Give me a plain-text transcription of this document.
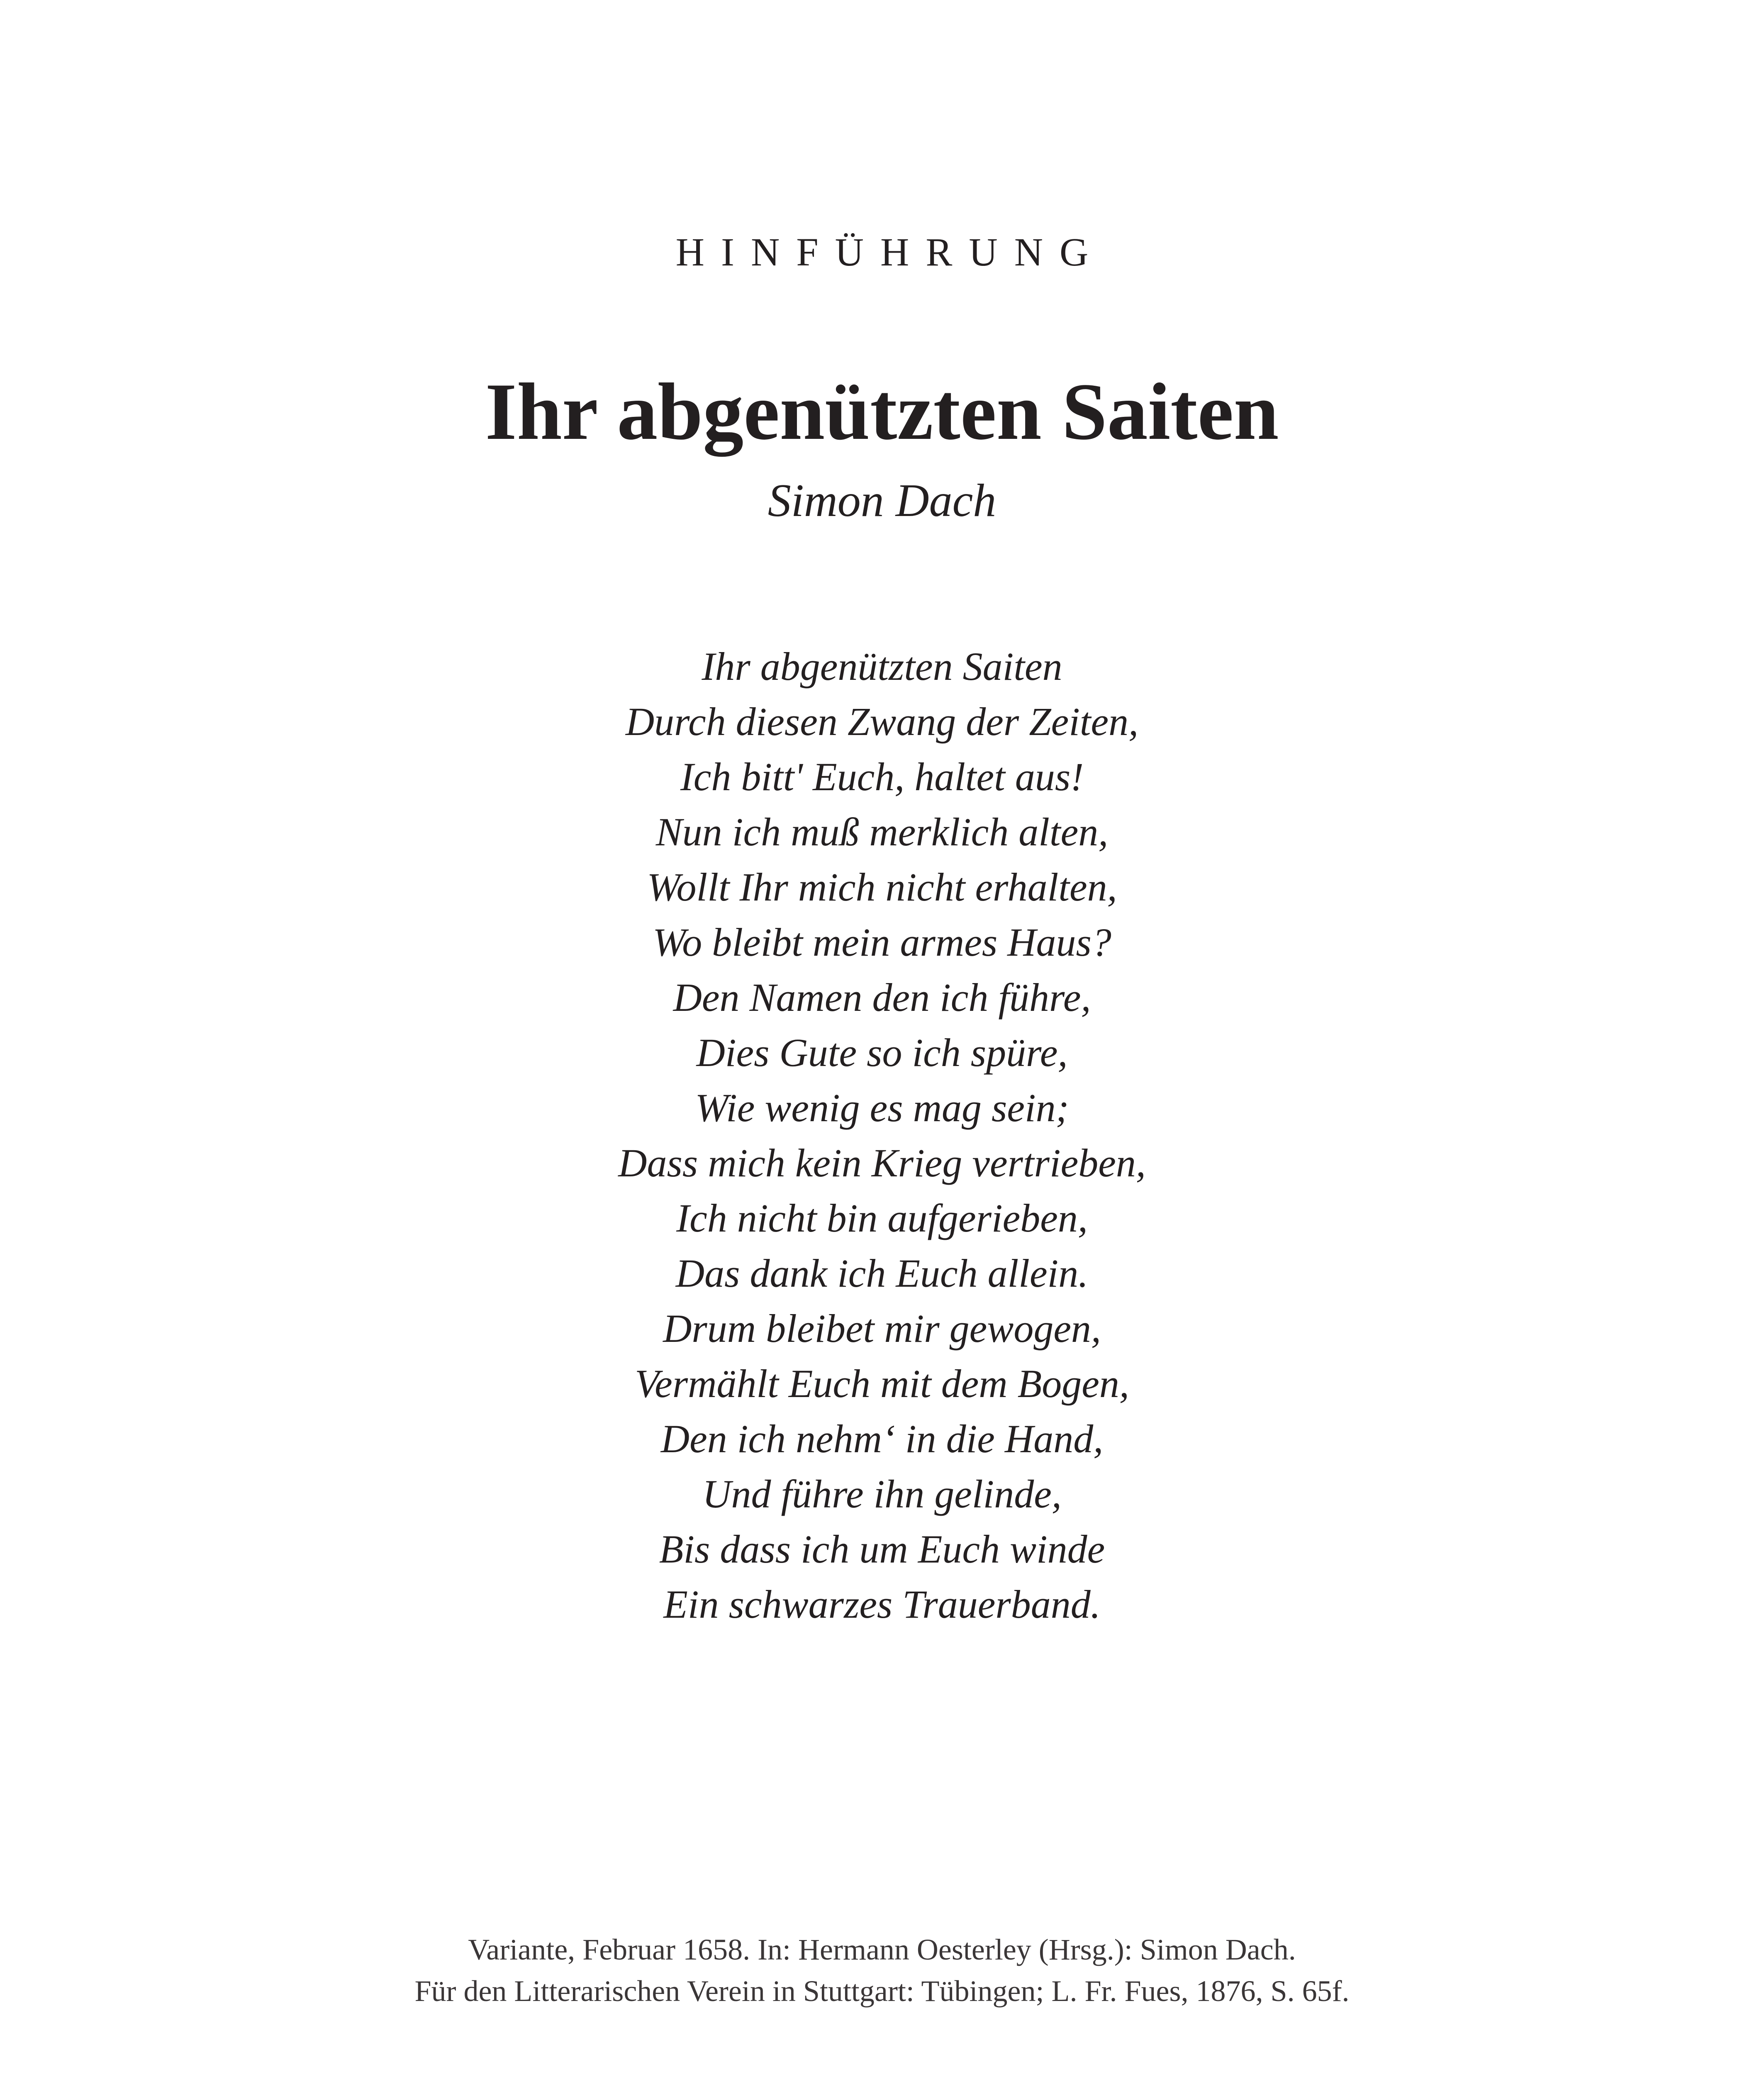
HINFÜHRUNG
Ihr abgenützten Saiten

Simon Dach

Ihr abgenützten Saiten
Durch diesen Zwang der Zeiten,
Ich bitt' Euch, haltet aus!
Nun ich muß merklich alten,
Wollt Ihr mich nicht erhalten,
Wo bleibt mein armes Haus?
Den Namen den ich führe,
Dies Gute so ich spüre,
Wie wenig es mag sein;
Dass mich kein Krieg vertrieben,
Ich nicht bin aufgerieben,
Das dank ich Euch allein.
Drum bleibet mir gewogen,
Vermählt Euch mit dem Bogen,
Den ich nehm‘ in die Hand,
Und führe ihn gelinde,
Bis dass ich um Euch winde
Ein schwarzes Trauerband.

Variante, Februar 1658. In: Hermann Oesterley (Hrsg.): Simon Dach.
Für den Litterarischen Verein in Stuttgart: Tübingen; L. Fr. Fues, 1876, S. 65f.
